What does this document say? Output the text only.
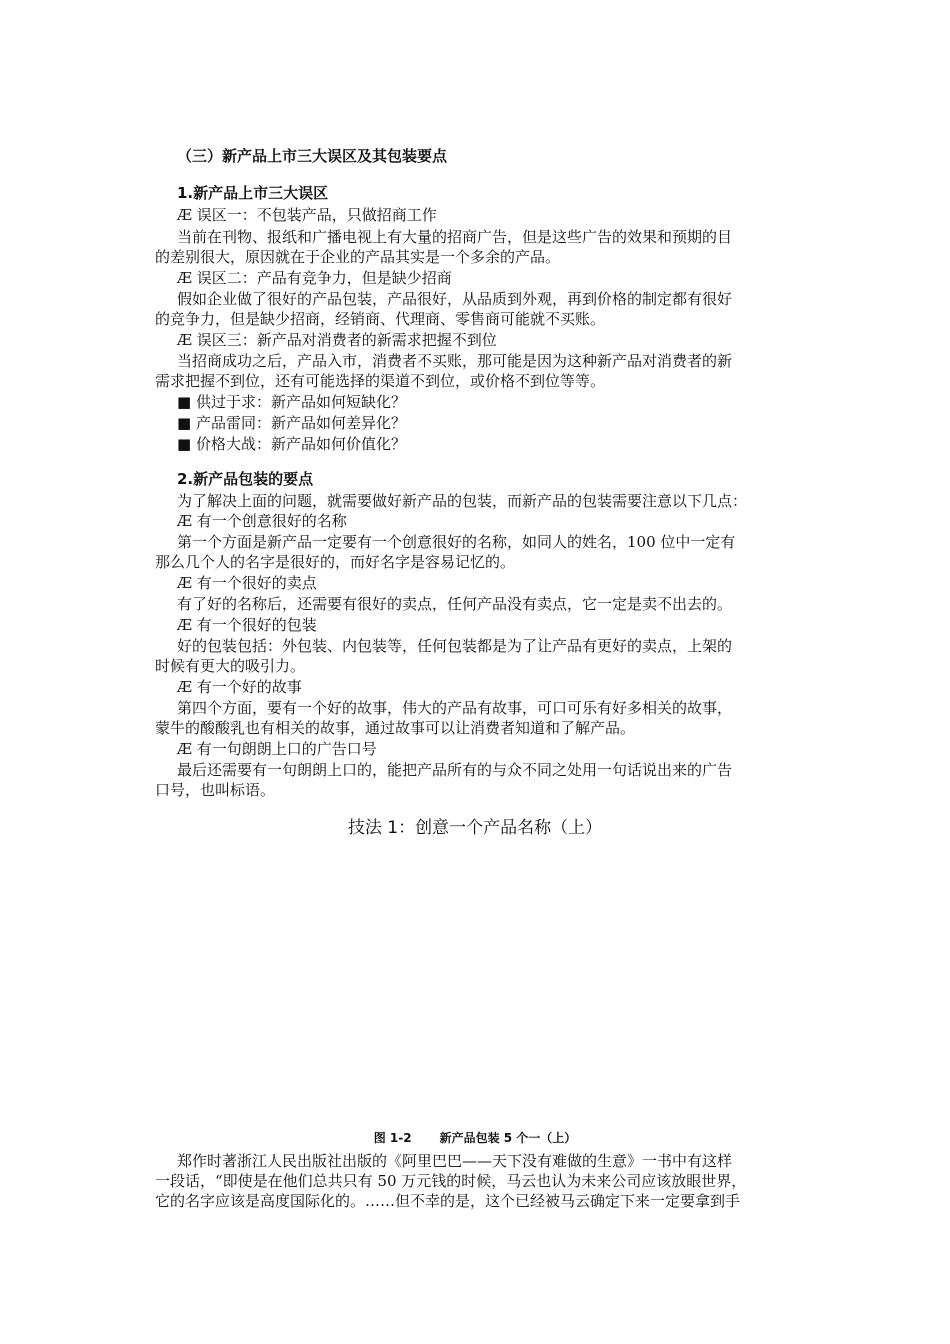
（三）新产品上市三大误区及其包装要点
1.新产品上市三大误区
Æ 误区一：不包装产品，只做招商工作
当前在刊物、报纸和广播电视上有大量的招商广告，但是这些广告的效果和预期的目
的差别很大，原因就在于企业的产品其实是一个多余的产品。
Æ 误区二：产品有竞争力，但是缺少招商
假如企业做了很好的产品包装，产品很好，从品质到外观，再到价格的制定都有很好
的竞争力，但是缺少招商，经销商、代理商、零售商可能就不买账。
Æ 误区三：新产品对消费者的新需求把握不到位
当招商成功之后，产品入市，消费者不买账，那可能是因为这种新产品对消费者的新
需求把握不到位，还有可能选择的渠道不到位，或价格不到位等等。
■ 供过于求：新产品如何短缺化？
■ 产品雷同：新产品如何差异化？
■ 价格大战：新产品如何价值化？
2.新产品包装的要点
为了解决上面的问题，就需要做好新产品的包装，而新产品的包装需要注意以下几点：
Æ 有一个创意很好的名称
第一个方面是新产品一定要有一个创意很好的名称，如同人的姓名，100 位中一定有
那么几个人的名字是很好的，而好名字是容易记忆的。
Æ 有一个很好的卖点
有了好的名称后，还需要有很好的卖点，任何产品没有卖点，它一定是卖不出去的。
Æ 有一个很好的包装
好的包装包括：外包装、内包装等，任何包装都是为了让产品有更好的卖点，上架的
时候有更大的吸引力。
Æ 有一个好的故事
第四个方面，要有一个好的故事，伟大的产品有故事，可口可乐有好多相关的故事，
蒙牛的酸酸乳也有相关的故事，通过故事可以让消费者知道和了解产品。
Æ 有一句朗朗上口的广告口号
最后还需要有一句朗朗上口的，能把产品所有的与众不同之处用一句话说出来的广告
口号，也叫标语。
技法 1：创意一个产品名称（上）
图 1-2 新产品包装 5 个一（上）
郑作时著浙江人民出版社出版的《阿里巴巴——天下没有难做的生意》一书中有这样
一段话，“即使是在他们总共只有 50 万元钱的时候，马云也认为未来公司应该放眼世界，
它的名字应该是高度国际化的。……但不幸的是，这个已经被马云确定下来一定要拿到手
